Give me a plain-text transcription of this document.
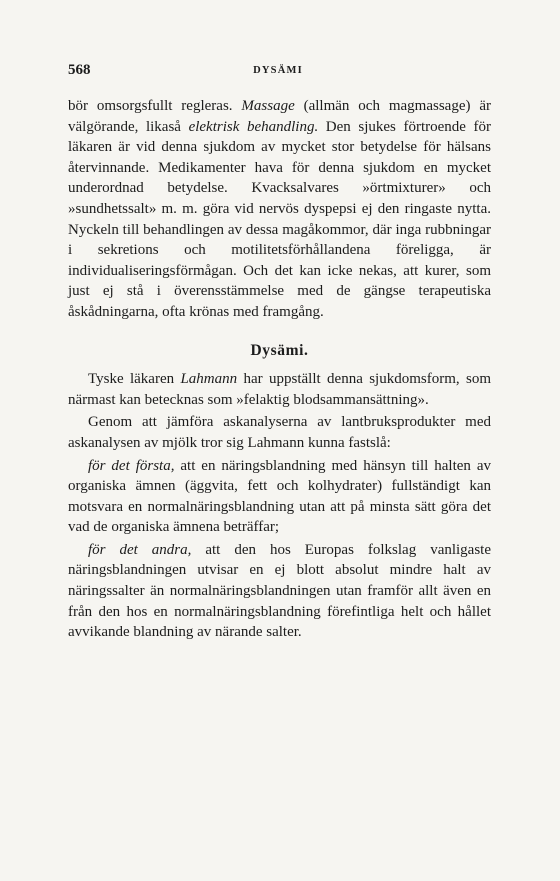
568	DYSÄMI

bör omsorgsfullt regleras. Massage (allmän och magmassage) är välgörande, likaså elektrisk behandling. Den sjukes förtroende för läkaren är vid denna sjukdom av mycket stor betydelse för hälsans återvinnande. Medikamenter hava för denna sjukdom en mycket underordnad betydelse. Kvacksalvares »örtmixturer» och »sundhetssalt» m. m. göra vid nervös dyspepsi ej den ringaste nytta. Nyckeln till behandlingen av dessa magåkommor, där inga rubbningar i sekretions och motilitetsförhållandena föreligga, är individualiseringsförmågan. Och det kan icke nekas, att kurer, som just ej stå i överensstämmelse med de gängse terapeutiska åskådningarna, ofta krönas med framgång.

Dysämi.

Tyske läkaren Lahmann har uppställt denna sjukdomsform, som närmast kan betecknas som »felaktig blodsammansättning».

Genom att jämföra askanalyserna av lantbruksprodukter med askanalysen av mjölk tror sig Lahmann kunna fastslå:

för det första, att en näringsblandning med hänsyn till halten av organiska ämnen (äggvita, fett och kolhydrater) fullständigt kan motsvara en normalnäringsblandning utan att på minsta sätt göra det vad de organiska ämnena beträffar;

för det andra, att den hos Europas folkslag vanligaste näringsblandningen utvisar en ej blott absolut mindre halt av näringssalter än normalnäringsblandningen utan framför allt även en från den hos en normalnäringsblandning förefintliga helt och hållet avvikande blandning av närande salter.
